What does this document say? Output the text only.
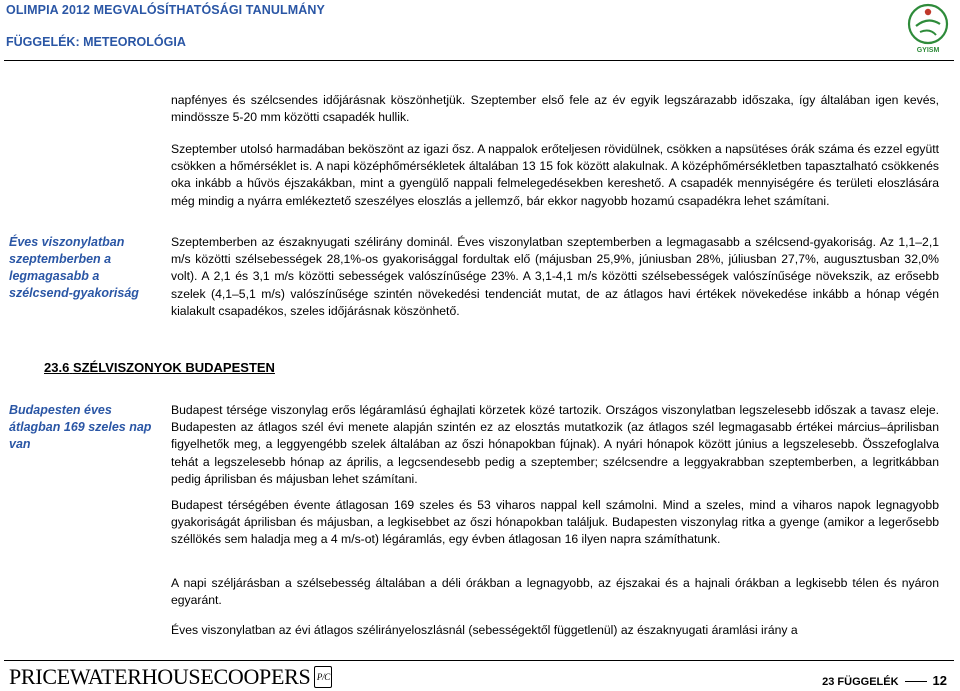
OLIMPIA 2012 MEGVALÓSÍTHATÓSÁGI TANULMÁNY
FÜGGELÉK: METEOROLÓGIA
GYISM
napfényes és szélcsendes időjárásnak köszönhetjük. Szeptember első fele az év egyik legszárazabb időszaka, így általában igen kevés, mindössze 5-20 mm közötti csapadék hullik.
Szeptember utolsó harmadában beköszönt az igazi ősz. A nappalok erőteljesen rövidülnek, csökken a napsütéses órák száma és ezzel együtt csökken a hőmérséklet is. A napi középhőmérsékletek általában 13 15 fok között alakulnak. A középhőmérsékletben tapasztalható csökkenés oka inkább a hűvös éjszakákban, mint a gyengülő nappali felmelegedésekben kereshető. A csapadék mennyiségére és területi eloszlására még mindig a nyárra emlékeztető szeszélyes eloszlás a jellemző, bár ekkor nagyobb hozamú csapadékra lehet számítani.
Éves viszonylatban szeptemberben a legmagasabb a szélcsend-gyakoriság
Szeptemberben az északnyugati szélirány dominál. Éves viszonylatban szeptemberben a legmagasabb a szélcsend-gyakoriság. Az 1,1–2,1 m/s közötti szélsebességek 28,1%-os gyakorisággal fordultak elő (májusban 25,9%, júniusban 28%, júliusban 27,7%, augusztusban 32,0% volt). A 2,1 és 3,1 m/s közötti sebességek valószínűsége 23%. A 3,1-4,1 m/s közötti szélsebességek valószínűsége növekszik, az erősebb szelek (4,1–5,1 m/s) valószínűsége szintén növekedési tendenciát mutat, de az átlagos havi értékek növekedése inkább a hónap végén kialakult csapadékos, szeles időjárásnak köszönhető.
23.6 SZÉLVISZONYOK BUDAPESTEN
Budapesten éves átlagban 169 szeles nap van
Budapest térsége viszonylag erős légáramlású éghajlati körzetek közé tartozik. Országos viszonylatban legszelesebb időszak a tavasz eleje. Budapesten az átlagos szél évi menete alapján szintén ez az elosztás mutatkozik (az átlagos szél legmagasabb értékei március–áprilisban figyelhetők meg, a leggyengébb szelek általában az őszi hónapokban fújnak). A nyári hónapok között június a legszelesebb. Összefoglalva tehát a legszelesebb hónap az április, a legcsendesebb pedig a szeptember; szélcsendre a leggyakrabban szeptemberben, a legritkábban pedig áprilisban és májusban lehet számítani.
Budapest térségében évente átlagosan 169 szeles és 53 viharos nappal kell számolni. Mind a szeles, mind a viharos napok legnagyobb gyakoriságát áprilisban és májusban, a legkisebbet az őszi hónapokban találjuk. Budapesten viszonylag ritka a gyenge (amikor a legerősebb széllökés sem haladja meg a 4 m/s-ot) légáramlás, egy évben átlagosan 16 ilyen napra számíthatunk.
A napi széljárásban a szélsebesség általában a déli órákban a legnagyobb, az éjszakai és a hajnali órákban a legkisebb télen és nyáron egyaránt.
Éves viszonylatban az évi átlagos szélirányeloszlásnál (sebességektől függetlenül) az északnyugati áramlási irány a
PRICEWATERHOUSECOOPERS P/C	23 FÜGGELÉK	12
